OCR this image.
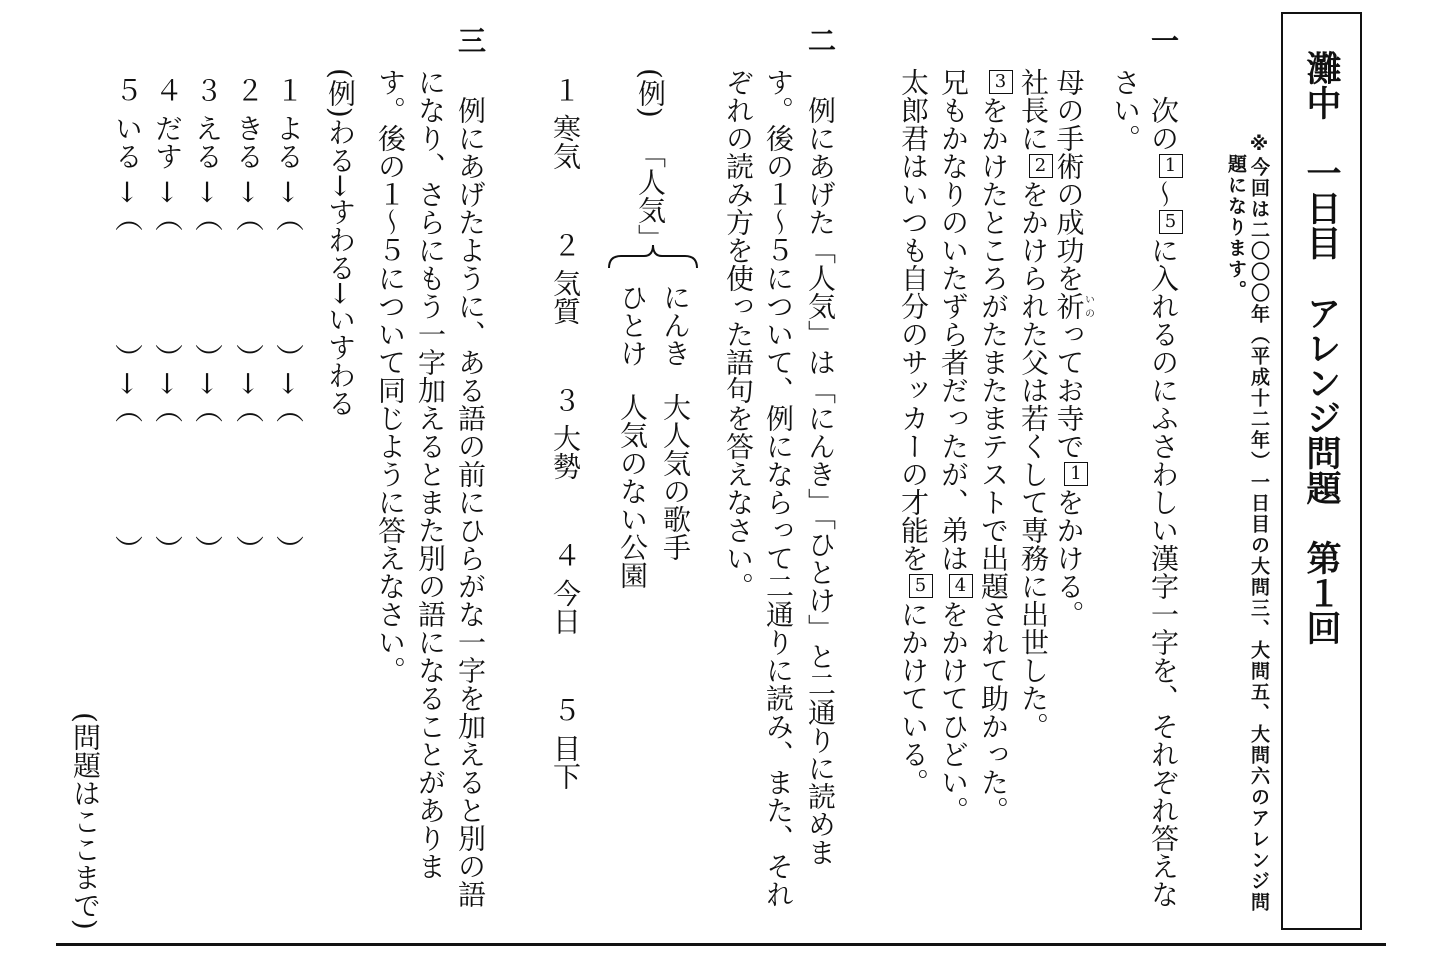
灘中　一日目　アレンジ問題　第１回
※今回は二〇〇〇年（平成十二年）一日目の大問三、大問五、大問六のアレンジ問
題になります。
一
次の1～5に入れるのにふさわしい漢字一字を、それぞれ答えな
さい。
母の手術の成功を祈いのってお寺で1をかける。
社長に2をかけられた父は若くして専務に出世した。
3をかけたところがたまたまテストで出題されて助かった。
兄もかなりのいたずら者だったが、弟は4をかけてひどい。
太郎君はいつも自分のサッカーの才能を5にかけている。
二
例にあげた「人気」は「にんき」「ひとけ」と二通りに読めま
す。後の１～５について、例にならって二通りに読み、また、それ
ぞれの読み方を使った語句を答えなさい。
(例)
「人気」
にんき
ひとけ
大人気の歌手
人気のない公園
１寒気
２気質
３大勢
４今日
５目下
三
例にあげたように、ある語の前にひらがな一字を加えると別の語
になり、さらにもう一字加えるとまた別の語になることがありま
す。後の１～５について同じように答えなさい。
(例)わる→すわる→いすわる
１よる→（　　　　）→（　　　　）
２きる→（　　　　）→（　　　　）
３える→（　　　　）→（　　　　）
４だす→（　　　　）→（　　　　）
５いる→（　　　　）→（　　　　）
(問題はここまで)
